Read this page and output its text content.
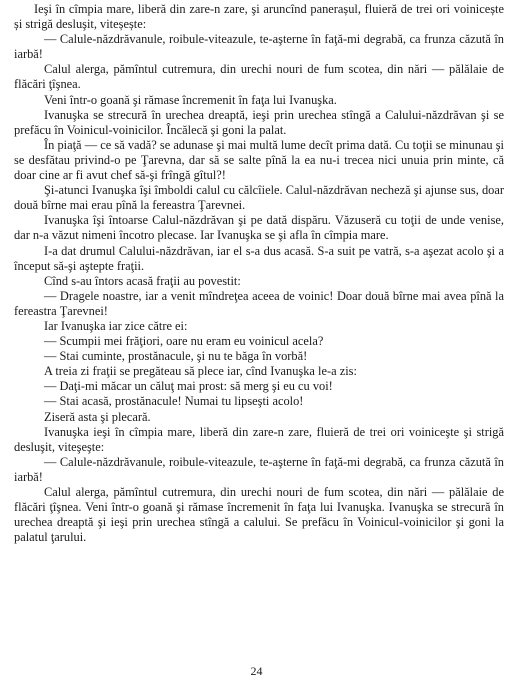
Ieşi în cîmpia mare, liberă din zare-n zare, şi aruncînd panerașul, fluieră de trei ori voinicește și strigă desluşit, viteșește:

— Calule-năzdrăvanule, roibule-viteazule, te-aşterne în faţă-mi degrabă, ca frunza căzută în iarbă!

Calul alerga, pămîntul cutremura, din urechi nouri de fum scotea, din nări — pălălaie de flăcări ţîşnea.

Veni într-o goană şi rămase încremenit în faţa lui Ivanuşka.

Ivanuşka se strecură în urechea dreaptă, ieşi prin urechea stîngă a Calului-năzdrăvan şi se prefăcu în Voinicul-voinicilor. Încălecă şi goni la palat.

În piaţă — ce să vadă? se adunase şi mai multă lume decît prima dată. Cu toţii se minunau şi se desfătau privind-o pe Ţarevna, dar să se salte pînă la ea nu-i trecea nici unuia prin minte, că doar cine ar fi avut chef să-şi frîngă gîtul?!

Şi-atunci Ivanuşka îşi îmboldi calul cu călcîiele. Calul-năzdrăvan necheză şi ajunse sus, doar două bîrne mai erau pînă la fereastra Ţarevnei.

Ivanuşka îşi întoarse Calul-năzdrăvan şi pe dată dispăru. Văzuseră cu toţii de unde venise, dar n-a văzut nimeni încotro plecase. Iar Ivanuşka se şi afla în cîmpia mare.

I-a dat drumul Calului-năzdrăvan, iar el s-a dus acasă. S-a suit pe vatră, s-a aşezat acolo şi a început să-şi aştepte fraţii.

Cînd s-au întors acasă fraţii au povestit:

— Dragele noastre, iar a venit mîndreţea aceea de voinic! Doar două bîrne mai avea pînă la fereastra Ţarevnei!

Iar Ivanuşka iar zice către ei:

— Scumpii mei frăţiori, oare nu eram eu voinicul acela?

— Stai cuminte, prostănacule, şi nu te băga în vorbă!

A treia zi fraţii se pregăteau să plece iar, cînd Ivanuşka le-a zis:

— Daţi-mi măcar un căluţ mai prost: să merg şi eu cu voi!

— Stai acasă, prostănacule! Numai tu lipseşti acolo!

Ziseră asta şi plecară.

Ivanuşka ieşi în cîmpia mare, liberă din zare-n zare, fluieră de trei ori voiniceşte şi strigă desluşit, viteşeşte:

— Calule-năzdrăvanule, roibule-viteazule, te-aşterne în faţă-mi degrabă, ca frunza căzută în iarbă!

Calul alerga, pămîntul cutremura, din urechi nouri de fum scotea, din nări — pălălaie de flăcări ţîşnea. Veni într-o goană şi rămase încremenit în faţa lui Ivanuşka. Ivanuşka se strecură în urechea dreaptă şi ieşi prin urechea stîngă a calului. Se prefăcu în Voinicul-voinicilor şi goni la palatul ţarului.

24
